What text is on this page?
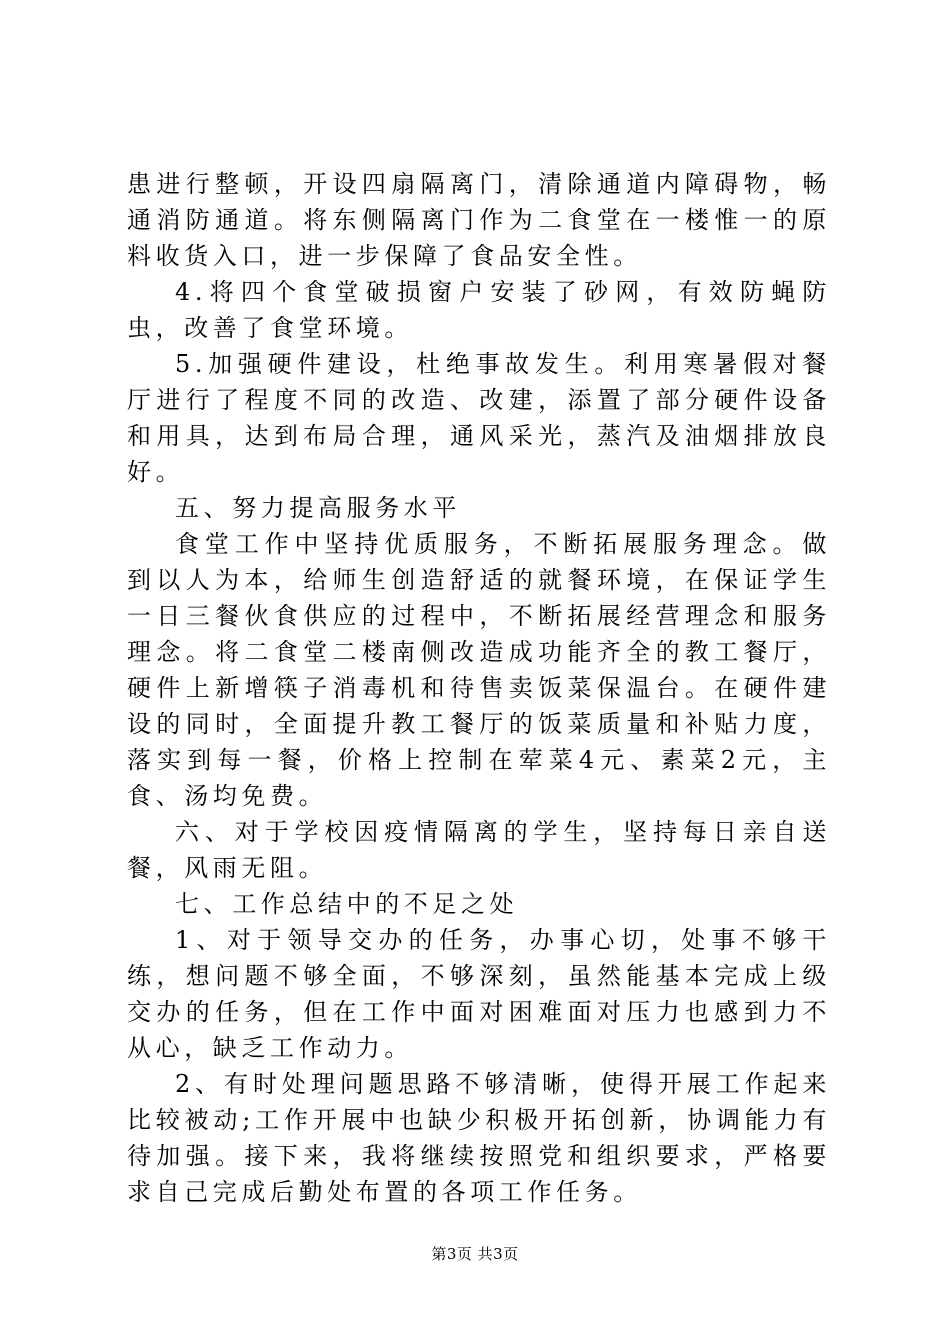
患进行整顿，开设四扇隔离门，清除通道内障碍物，畅通消防通道。将东侧隔离门作为二食堂在一楼惟一的原料收货入口，进一步保障了食品安全性。

4.将四个食堂破损窗户安装了砂网，有效防蝇防虫，改善了食堂环境。

5.加强硬件建设，杜绝事故发生。利用寒暑假对餐厅进行了程度不同的改造、改建，添置了部分硬件设备和用具，达到布局合理，通风采光，蒸汽及油烟排放良好。

五、努力提高服务水平

食堂工作中坚持优质服务，不断拓展服务理念。做到以人为本，给师生创造舒适的就餐环境，在保证学生一日三餐伙食供应的过程中，不断拓展经营理念和服务理念。将二食堂二楼南侧改造成功能齐全的教工餐厅，硬件上新增筷子消毒机和待售卖饭菜保温台。在硬件建设的同时，全面提升教工餐厅的饭菜质量和补贴力度，落实到每一餐，价格上控制在荤菜4元、素菜2元，主食、汤均免费。

六、对于学校因疫情隔离的学生，坚持每日亲自送餐，风雨无阻。

七、工作总结中的不足之处

1、对于领导交办的任务，办事心切，处事不够干练，想问题不够全面，不够深刻，虽然能基本完成上级交办的任务，但在工作中面对困难面对压力也感到力不从心，缺乏工作动力。

2、有时处理问题思路不够清晰，使得开展工作起来比较被动;工作开展中也缺少积极开拓创新，协调能力有待加强。接下来，我将继续按照党和组织要求，严格要求自己完成后勤处布置的各项工作任务。

第3页 共3页
